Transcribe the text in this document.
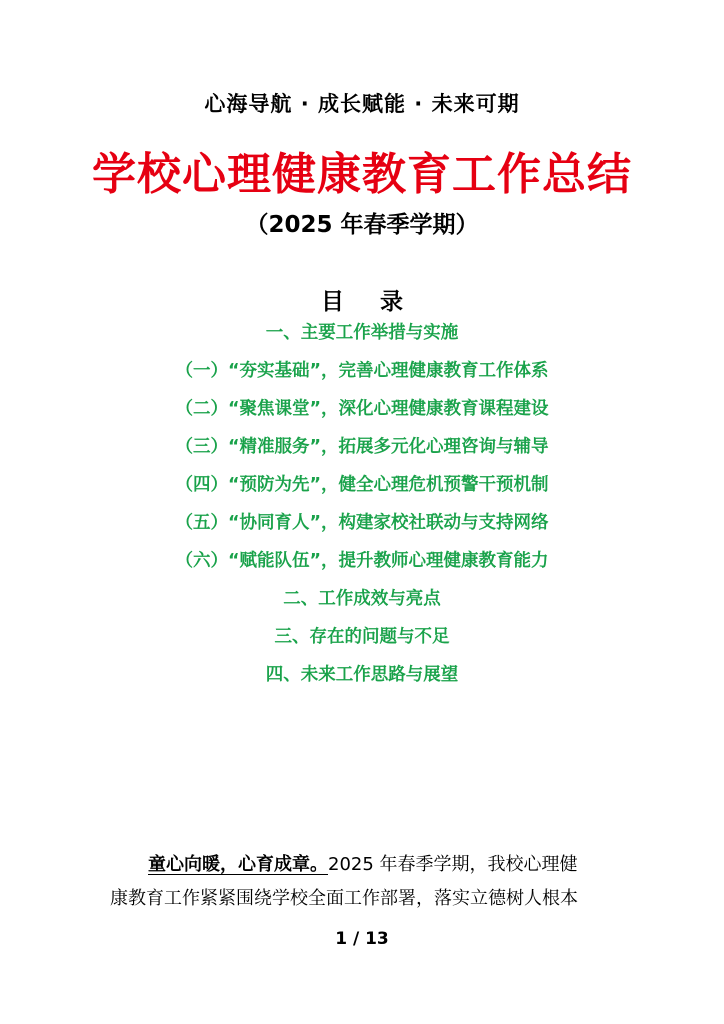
心海导航 · 成长赋能 · 未来可期
学校心理健康教育工作总结
（2025 年春季学期）
目 录
一、主要工作举措与实施
（一）“夯实基础”，完善心理健康教育工作体系
（二）“聚焦课堂”，深化心理健康教育课程建设
（三）“精准服务”，拓展多元化心理咨询与辅导
（四）“预防为先”，健全心理危机预警干预机制
（五）“协同育人”，构建家校社联动与支持网络
（六）“赋能队伍”，提升教师心理健康教育能力
二、工作成效与亮点
三、存在的问题与不足
四、未来工作思路与展望
童心向暖，心育成章。2025 年春季学期，我校心理健
康教育工作紧紧围绕学校全面工作部署，落实立德树人根本
1 / 13
